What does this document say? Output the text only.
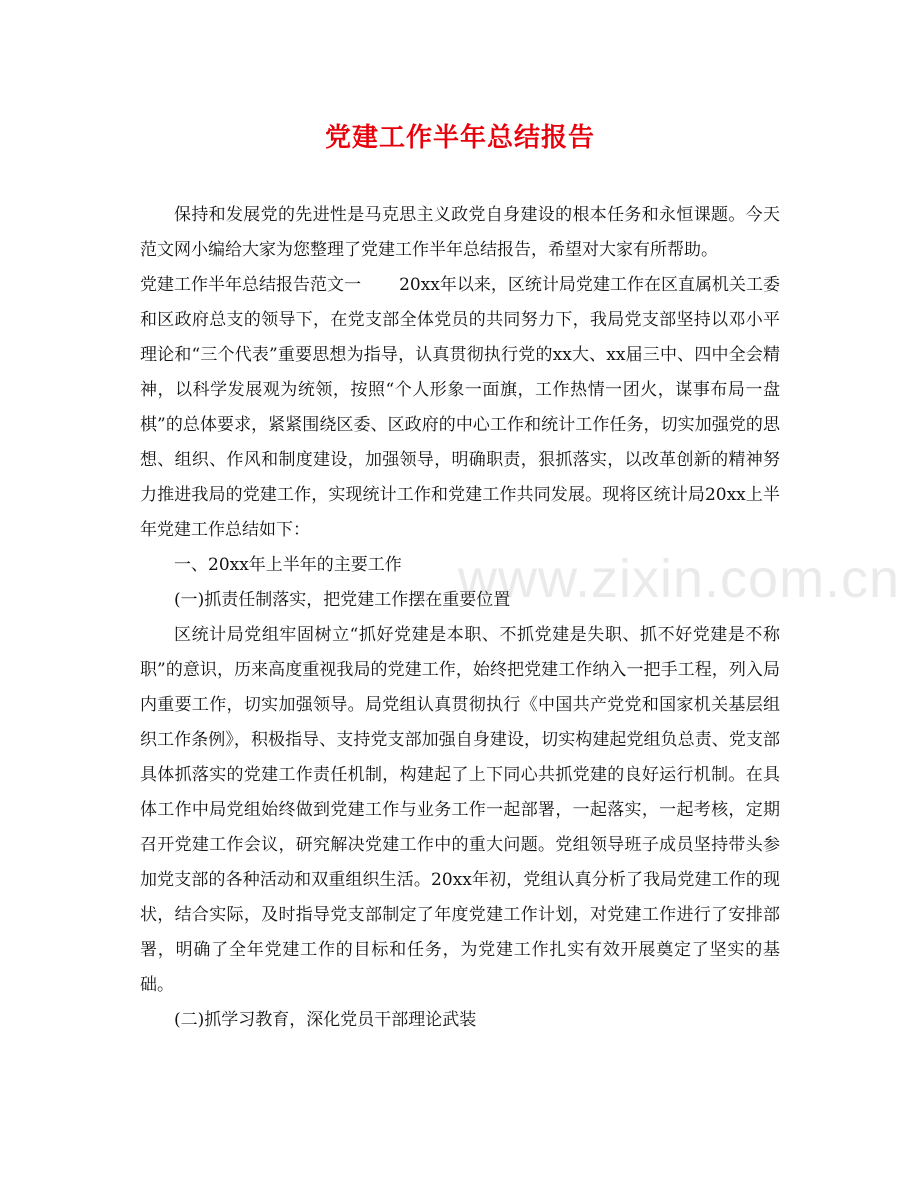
党建工作半年总结报告

保持和发展党的先进性是马克思主义政党自身建设的根本任务和永恒课题。今天范文网小编给大家为您整理了党建工作半年总结报告，希望对大家有所帮助。

党建工作半年总结报告范文一 20xx年以来，区统计局党建工作在区直属机关工委和区政府总支的领导下，在党支部全体党员的共同努力下，我局党支部坚持以邓小平理论和“三个代表”重要思想为指导，认真贯彻执行党的xx大、xx届三中、四中全会精神，以科学发展观为统领，按照“个人形象一面旗，工作热情一团火，谋事布局一盘棋”的总体要求，紧紧围绕区委、区政府的中心工作和统计工作任务，切实加强党的思想、组织、作风和制度建设，加强领导，明确职责，狠抓落实，以改革创新的精神努力推进我局的党建工作，实现统计工作和党建工作共同发展。现将区统计局20xx上半年党建工作总结如下：

一、20xx年上半年的主要工作

(一)抓责任制落实，把党建工作摆在重要位置

区统计局党组牢固树立“抓好党建是本职、不抓党建是失职、抓不好党建是不称职”的意识，历来高度重视我局的党建工作，始终把党建工作纳入一把手工程，列入局内重要工作，切实加强领导。局党组认真贯彻执行《中国共产党党和国家机关基层组织工作条例》，积极指导、支持党支部加强自身建设，切实构建起党组负总责、党支部具体抓落实的党建工作责任机制，构建起了上下同心共抓党建的良好运行机制。在具体工作中局党组始终做到党建工作与业务工作一起部署，一起落实，一起考核，定期召开党建工作会议，研究解决党建工作中的重大问题。党组领导班子成员坚持带头参加党支部的各种活动和双重组织生活。20xx年初，党组认真分析了我局党建工作的现状，结合实际，及时指导党支部制定了年度党建工作计划，对党建工作进行了安排部署，明确了全年党建工作的目标和任务，为党建工作扎实有效开展奠定了坚实的基础。

(二)抓学习教育，深化党员干部理论武装

www.zixin.com.cn
